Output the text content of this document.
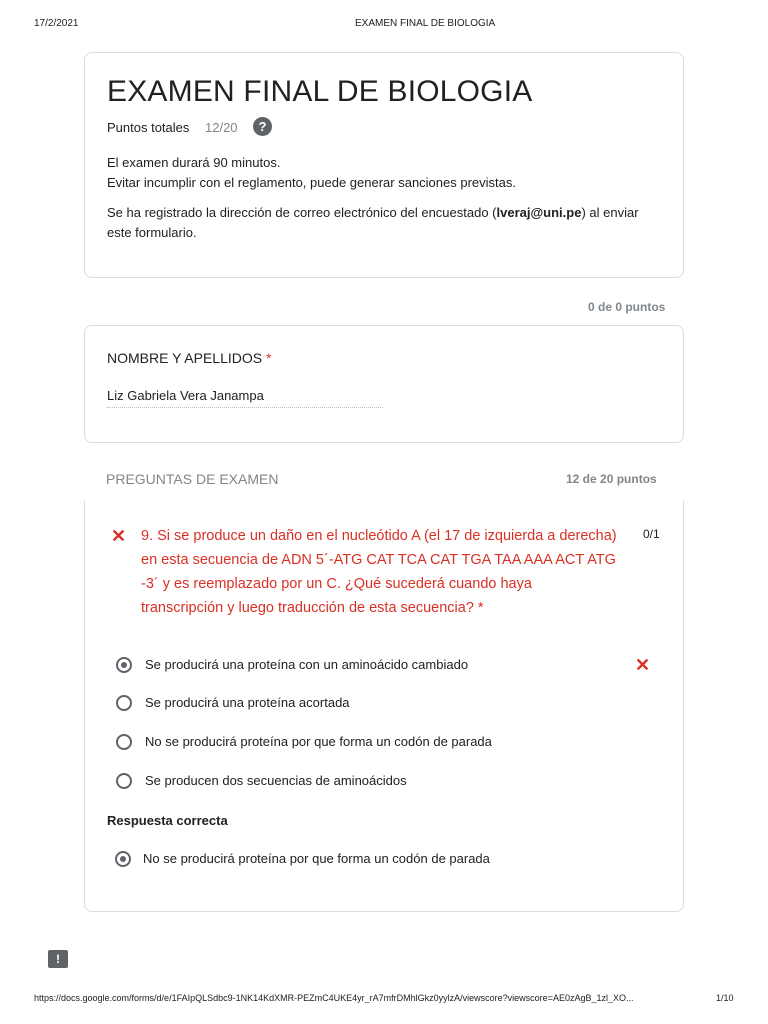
17/2/2021	EXAMEN FINAL DE BIOLOGIA
EXAMEN FINAL DE BIOLOGIA
Puntos totales 12/20	?
El examen durará 90 minutos.
Evitar incumplir con el reglamento, puede generar sanciones previstas.
Se ha registrado la dirección de correo electrónico del encuestado (lveraj@uni.pe) al enviar
este formulario.
0 de 0 puntos
NOMBRE Y APELLIDOS *
Liz Gabriela Vera Janampa
PREGUNTAS DE EXAMEN	12 de 20 puntos
✕ 9. Si se produce un daño en el nucleótido A (el 17 de izquierda a derecha)
en esta secuencia de ADN 5´-ATG CAT TCA CAT TGA TAA AAA ACT ATG
-3´ y es reemplazado por un C. ¿Qué sucederá cuando haya
transcripción y luego traducción de esta secuencia? *
0/1
Se producirá una proteína con un aminoácido cambiado	✕
Se producirá una proteína acortada
No se producirá proteína por que forma un codón de parada
Se producen dos secuencias de aminoácidos
Respuesta correcta
No se producirá proteína por que forma un codón de parada
!
https://docs.google.com/forms/d/e/1FAIpQLSdbc9-1NK14KdXMR-PEZmC4UKE4yr_rA7mfrDMhlGkz0yylzA/viewscore?viewscore=AE0zAgB_1zl_XO...	1/10
